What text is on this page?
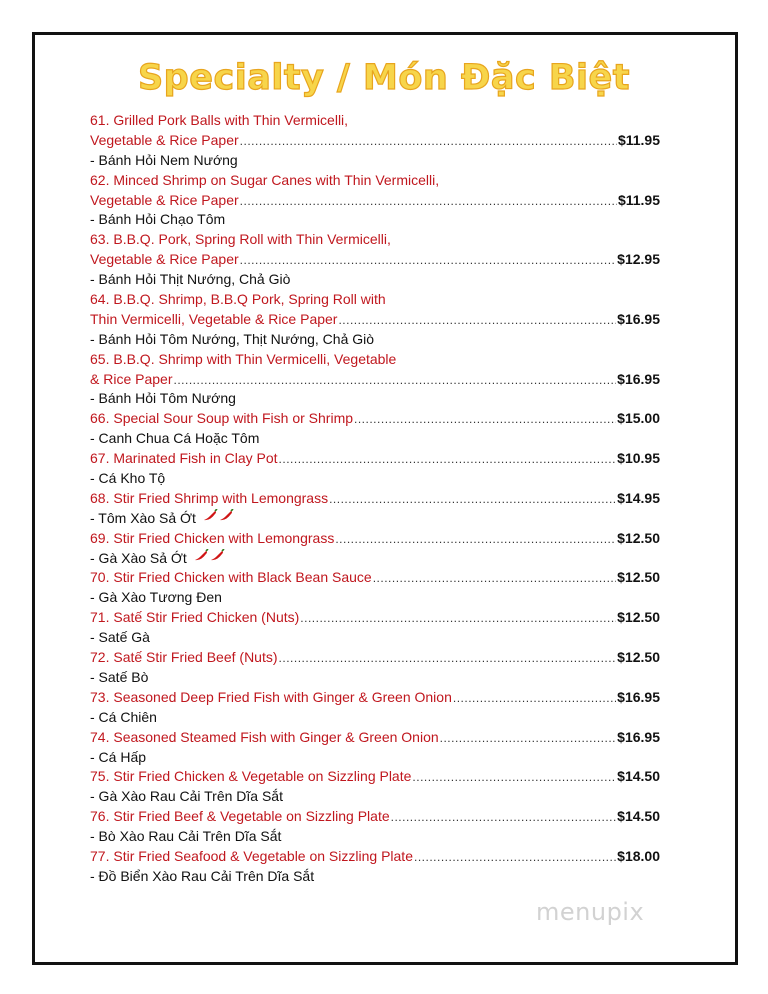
Specialty / Món Đặc Biệt
61. Grilled Pork Balls with Thin Vermicelli,
Vegetable & Rice Paper .....	$11.95
- Bánh Hỏi Nem Nướng
62. Minced Shrimp on Sugar Canes with Thin Vermicelli,
Vegetable & Rice Paper .....	$11.95
- Bánh Hỏi Chạo Tôm
63. B.B.Q. Pork, Spring Roll with Thin Vermicelli,
Vegetable & Rice Paper .....	$12.95
- Bánh Hỏi Thịt Nướng, Chả Giò
64. B.B.Q. Shrimp, B.B.Q Pork, Spring Roll with
Thin Vermicelli, Vegetable & Rice Paper .....	$16.95
- Bánh Hỏi Tôm Nướng, Thịt Nướng, Chả Giò
65. B.B.Q. Shrimp with Thin Vermicelli, Vegetable
& Rice Paper .....	$16.95
- Bánh Hỏi Tôm Nướng
66. Special Sour Soup with Fish or Shrimp .....	$15.00
- Canh Chua Cá Hoặc Tôm
67. Marinated Fish in Clay Pot .....	$10.95
- Cá Kho Tộ
68. Stir Fried Shrimp with Lemongrass .....	$14.95
- Tôm Xào Sả Ớt
69. Stir Fried Chicken with Lemongrass .....	$12.50
- Gà Xào Sả Ớt
70. Stir Fried Chicken with Black Bean Sauce .....	$12.50
- Gà Xào Tương Đen
71. Satế Stir Fried Chicken (Nuts) .....	$12.50
- Satế Gà
72. Satế Stir Fried Beef (Nuts) .....	$12.50
- Satế Bò
73. Seasoned Deep Fried Fish with Ginger & Green Onion .....	$16.95
- Cá Chiên
74. Seasoned Steamed Fish with Ginger & Green Onion .....	$16.95
- Cá Hấp
75. Stir Fried Chicken & Vegetable on Sizzling Plate .....	$14.50
- Gà Xào Rau Cải Trên Dĩa Sắt
76. Stir Fried Beef & Vegetable on Sizzling Plate .....	$14.50
- Bò Xào Rau Cải Trên Dĩa Sắt
77. Stir Fried Seafood & Vegetable on Sizzling Plate .....	$18.00
- Đồ Biển Xào Rau Cải Trên Dĩa Sắt
menupix
